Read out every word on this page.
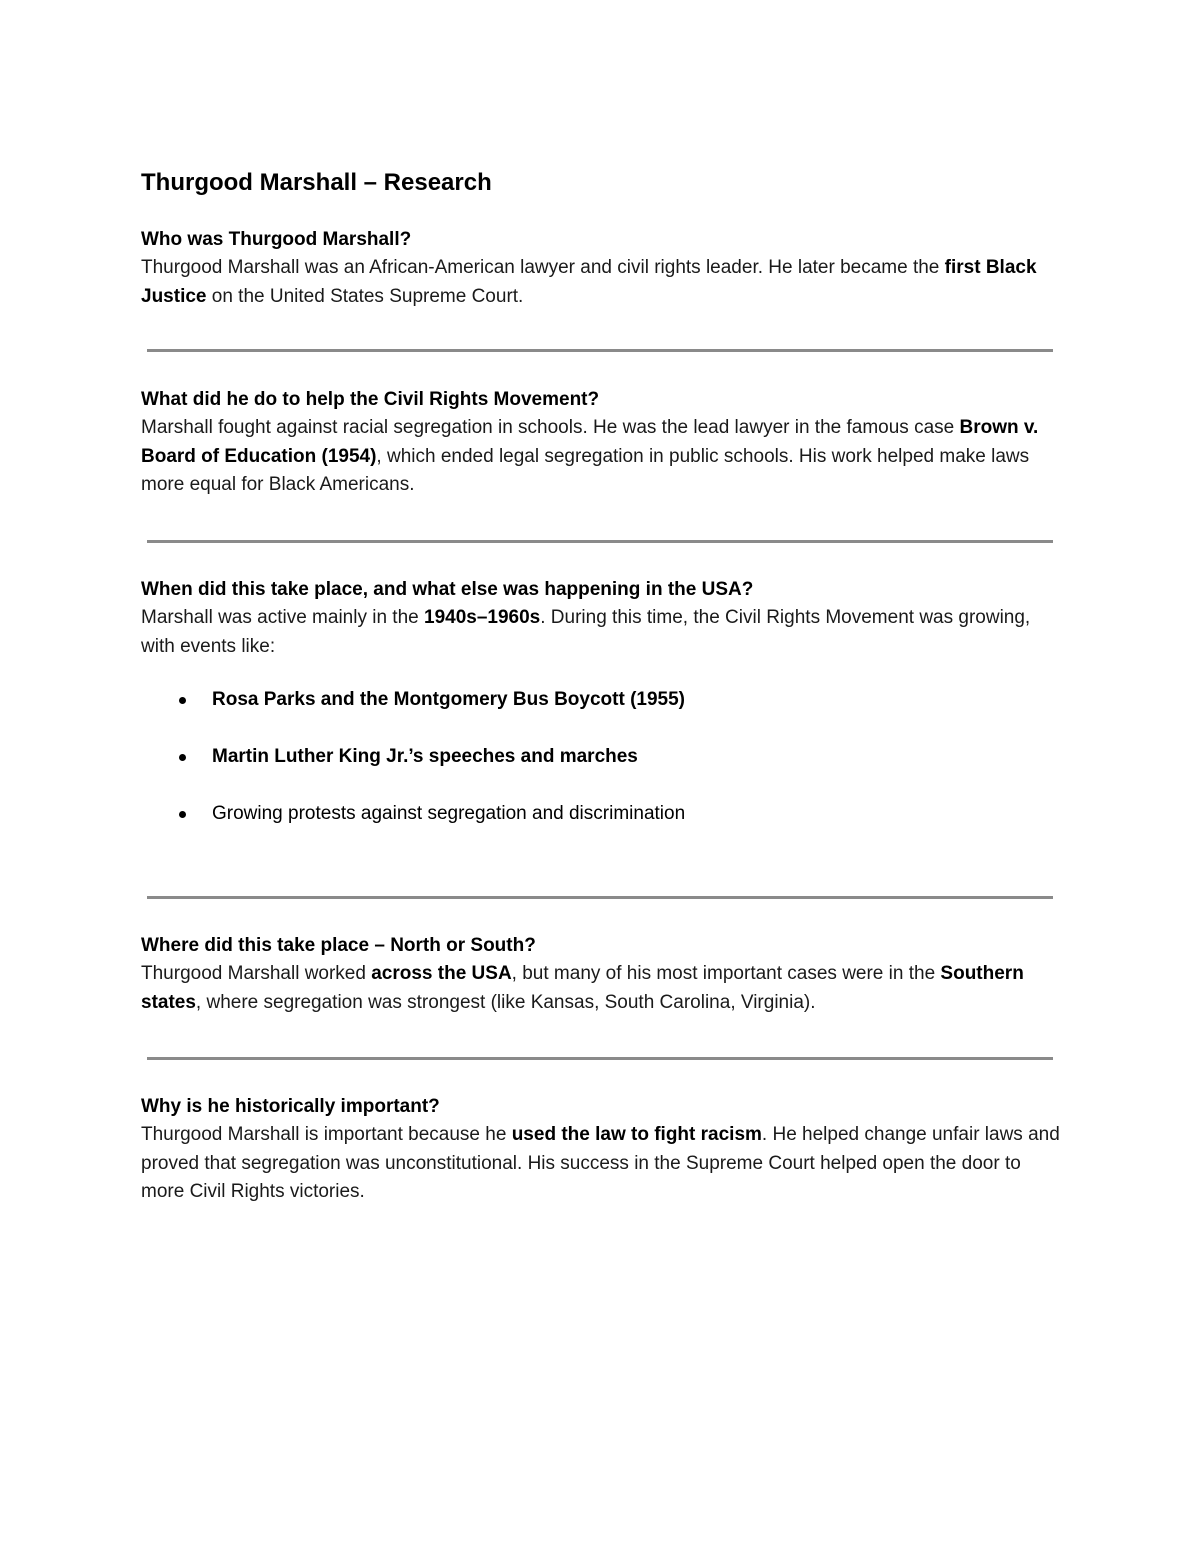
Thurgood Marshall – Research

Who was Thurgood Marshall?

Thurgood Marshall was an African-American lawyer and civil rights leader. He later became the first Black Justice on the United States Supreme Court.

What did he do to help the Civil Rights Movement?

Marshall fought against racial segregation in schools. He was the lead lawyer in the famous case Brown v. Board of Education (1954), which ended legal segregation in public schools. His work helped make laws more equal for Black Americans.

When did this take place, and what else was happening in the USA?

Marshall was active mainly in the 1940s–1960s. During this time, the Civil Rights Movement was growing, with events like:

Rosa Parks and the Montgomery Bus Boycott (1955)
Martin Luther King Jr.’s speeches and marches
Growing protests against segregation and discrimination

Where did this take place – North or South?

Thurgood Marshall worked across the USA, but many of his most important cases were in the Southern states, where segregation was strongest (like Kansas, South Carolina, Virginia).

Why is he historically important?

Thurgood Marshall is important because he used the law to fight racism. He helped change unfair laws and proved that segregation was unconstitutional. His success in the Supreme Court helped open the door to more Civil Rights victories.
